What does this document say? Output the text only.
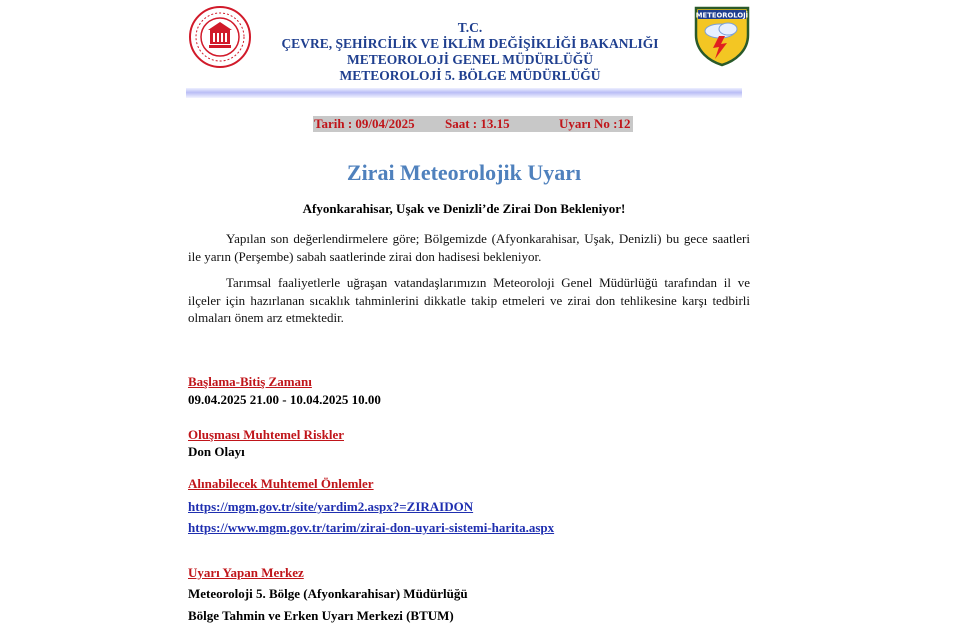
T.C.
ÇEVRE, ŞEHİRCİLİK VE İKLİM DEĞİŞİKLİĞİ BAKANLIĞI
METEOROLOJİ GENEL MÜDÜRLÜĞÜ
METEOROLOJİ 5. BÖLGE MÜDÜRLÜĞÜ
METEOROLOJİ
Tarih : 09/04/2025 Saat : 13.15	Uyarı No :12
Zirai Meteorolojik Uyarı
Afyonkarahisar, Uşak ve Denizli’de Zirai Don Bekleniyor!
Yapılan son değerlendirmelere göre; Bölgemizde (Afyonkarahisar, Uşak, Denizli) bu gece saatleri ile yarın (Perşembe) sabah saatlerinde zirai don hadisesi bekleniyor.
Tarımsal faaliyetlerle uğraşan vatandaşlarımızın Meteoroloji Genel Müdürlüğü tarafından il ve ilçeler için hazırlanan sıcaklık tahminlerini dikkatle takip etmeleri ve zirai don tehlikesine karşı tedbirli olmaları önem arz etmektedir.
Başlama-Bitiş Zamanı
09.04.2025 21.00 - 10.04.2025 10.00
Oluşması Muhtemel Riskler
Don Olayı
Alınabilecek Muhtemel Önlemler
https://mgm.gov.tr/site/yardim2.aspx?=ZIRAIDON
https://www.mgm.gov.tr/tarim/zirai-don-uyari-sistemi-harita.aspx
Uyarı Yapan Merkez
Meteoroloji 5. Bölge (Afyonkarahisar) Müdürlüğü
Bölge Tahmin ve Erken Uyarı Merkezi (BTUM)
